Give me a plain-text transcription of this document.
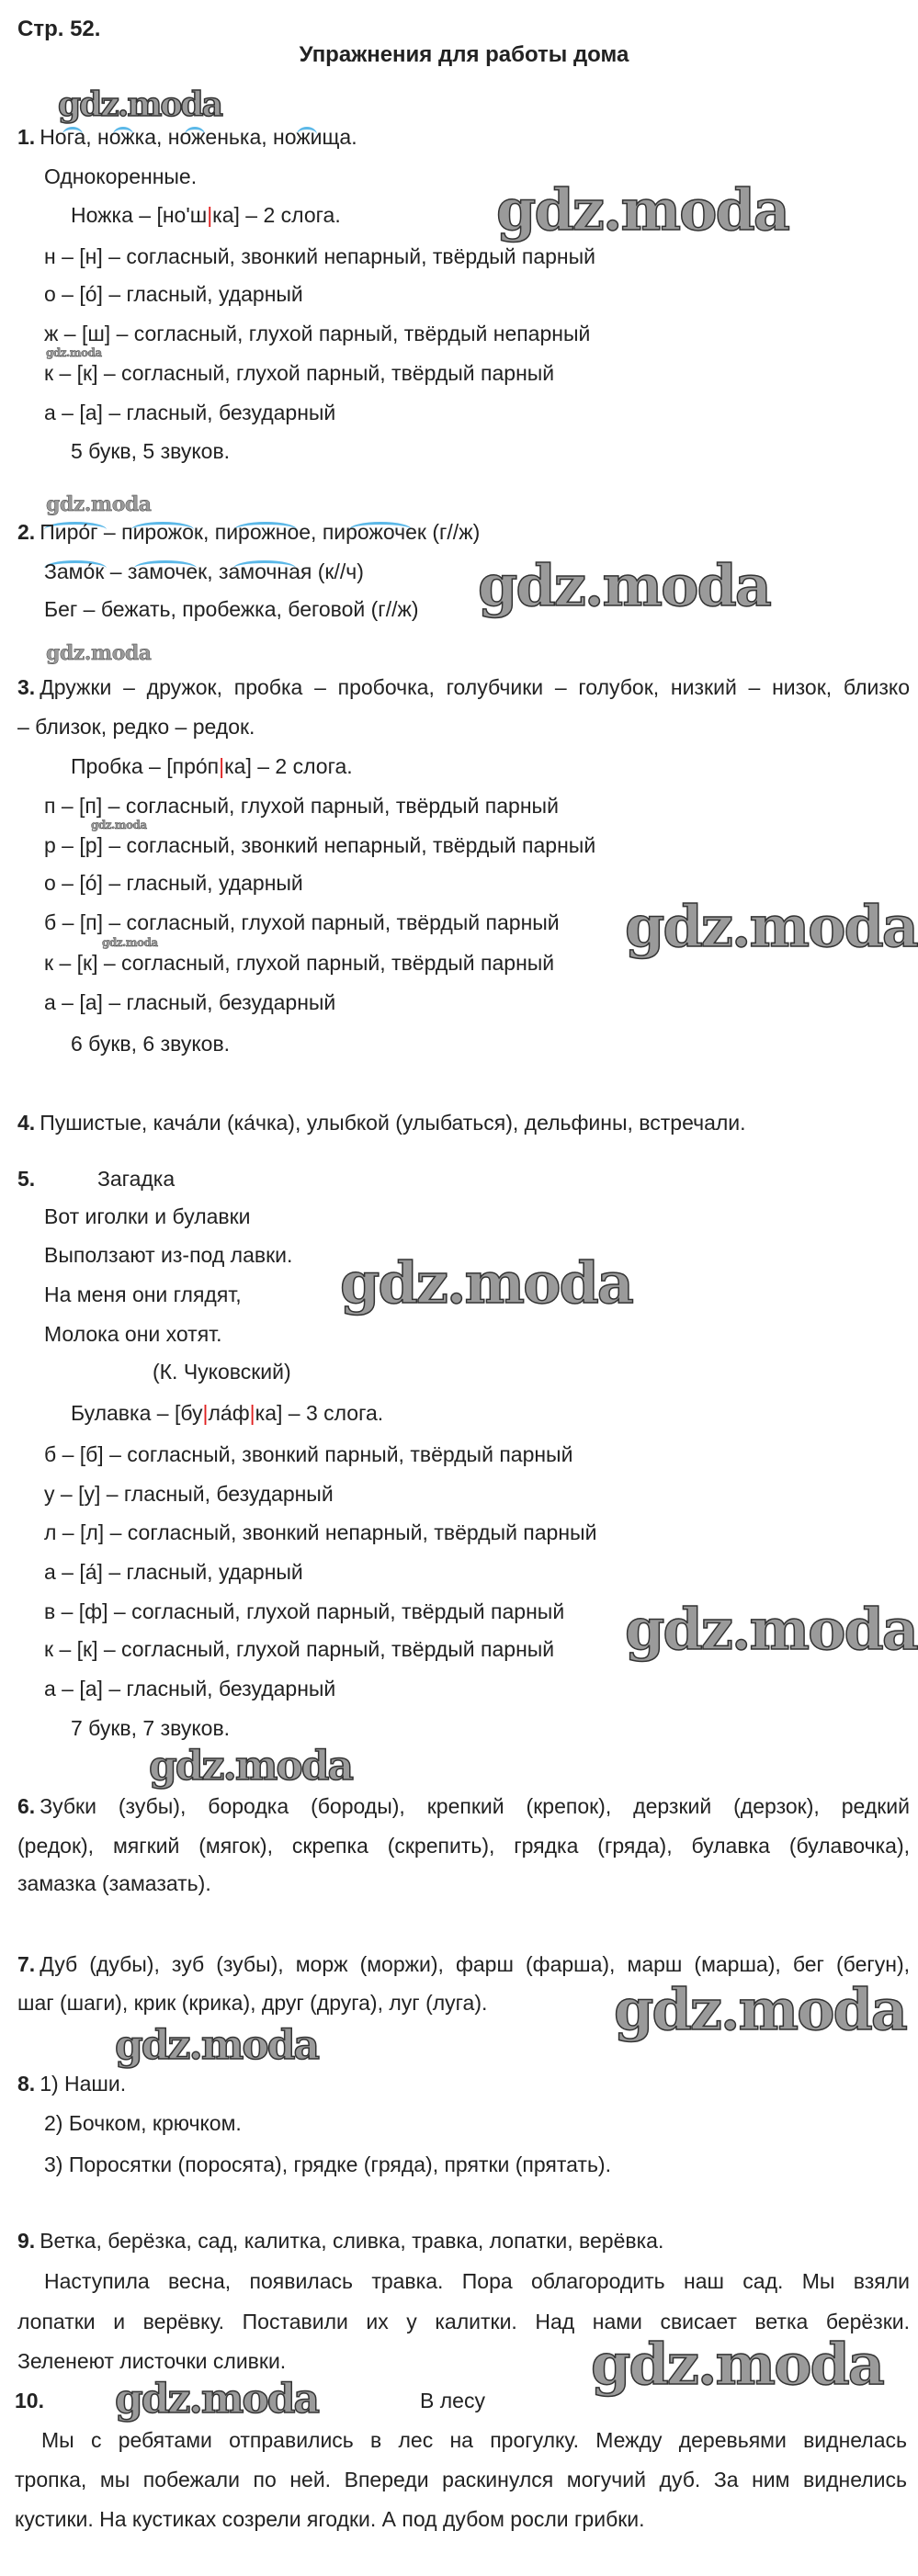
Стр. 52.
Упражнения для работы дома
1. Нога, ножка, ноженька, ножища.
Однокоренные.
Ножка – [но'ш|ка] – 2 слога.
н – [н] – согласный, звонкий непарный, твёрдый парный
о – [ó] – гласный, ударный
ж – [ш] – согласный, глухой парный, твёрдый непарный
к – [к] – согласный, глухой парный, твёрдый парный
а – [а] – гласный, безударный
5 букв, 5 звуков.
2. Пиро́г – пирожок, пирожное, пирожочек (г//ж)
Замо́к – замочек, замочная (к//ч)
Бег – бежать, пробежка, беговой (г//ж)
3. Дружки – дружок, пробка – пробочка, голубчики – голубок, низкий – низок, близко
– близок, редко – редок.
Пробка – [про́п|ка] – 2 слога.
п – [п] – согласный, глухой парный, твёрдый парный
р – [р] – согласный, звонкий непарный, твёрдый парный
о – [ó] – гласный, ударный
б – [п] – согласный, глухой парный, твёрдый парный
к – [к] – согласный, глухой парный, твёрдый парный
а – [а] – гласный, безударный
6 букв, 6 звуков.
4. Пушистые, кача́ли (ка́чка), улыбкой (улыбаться), дельфины, встречали.
5.	Загадка
Вот иголки и булавки
Выползают из-под лавки.
На меня они глядят,
Молока они хотят.
(К. Чуковский)
Булавка – [бу|ла́ф|ка] – 3 слога.
б – [б] – согласный, звонкий парный, твёрдый парный
у – [у] – гласный, безударный
л – [л] – согласный, звонкий непарный, твёрдый парный
а – [а́] – гласный, ударный
в – [ф] – согласный, глухой парный, твёрдый парный
к – [к] – согласный, глухой парный, твёрдый парный
а – [а] – гласный, безударный
7 букв, 7 звуков.
6. Зубки (зубы), бородка (бороды), крепкий (крепок), дерзкий (дерзок), редкий
(редок), мягкий (мягок), скрепка (скрепить), грядка (гряда), булавка (булавочка),
замазка (замазать).
7. Дуб (дубы), зуб (зубы), морж (моржи), фарш (фарша), марш (марша), бег (бегун),
шаг (шаги), крик (крика), друг (друга), луг (луга).
8. 1) Наши.
2) Бочком, крючком.
3) Поросятки (поросята), грядке (гряда), прятки (прятать).
9. Ветка, берёзка, сад, калитка, сливка, травка, лопатки, верёвка.
Наступила весна, появилась травка. Пора облагородить наш сад. Мы взяли
лопатки и верёвку. Поставили их у калитки. Над нами свисает ветка берёзки.
Зеленеют листочки сливки.
10.	В лесу
Мы с ребятами отправились в лес на прогулку. Между деревьями виднелась
тропка, мы побежали по ней. Впереди раскинулся могучий дуб. За ним виднелись
кустики. На кустиках созрели ягодки. А под дубом росли грибки.
gdz.moda
gdz.moda
gdz.moda
gdz.moda
gdz.moda
gdz.moda
gdz.moda
gdz.moda
gdz.moda
gdz.moda
gdz.moda
gdz.moda
gdz.moda
gdz.moda
gdz.moda
gdz.moda
